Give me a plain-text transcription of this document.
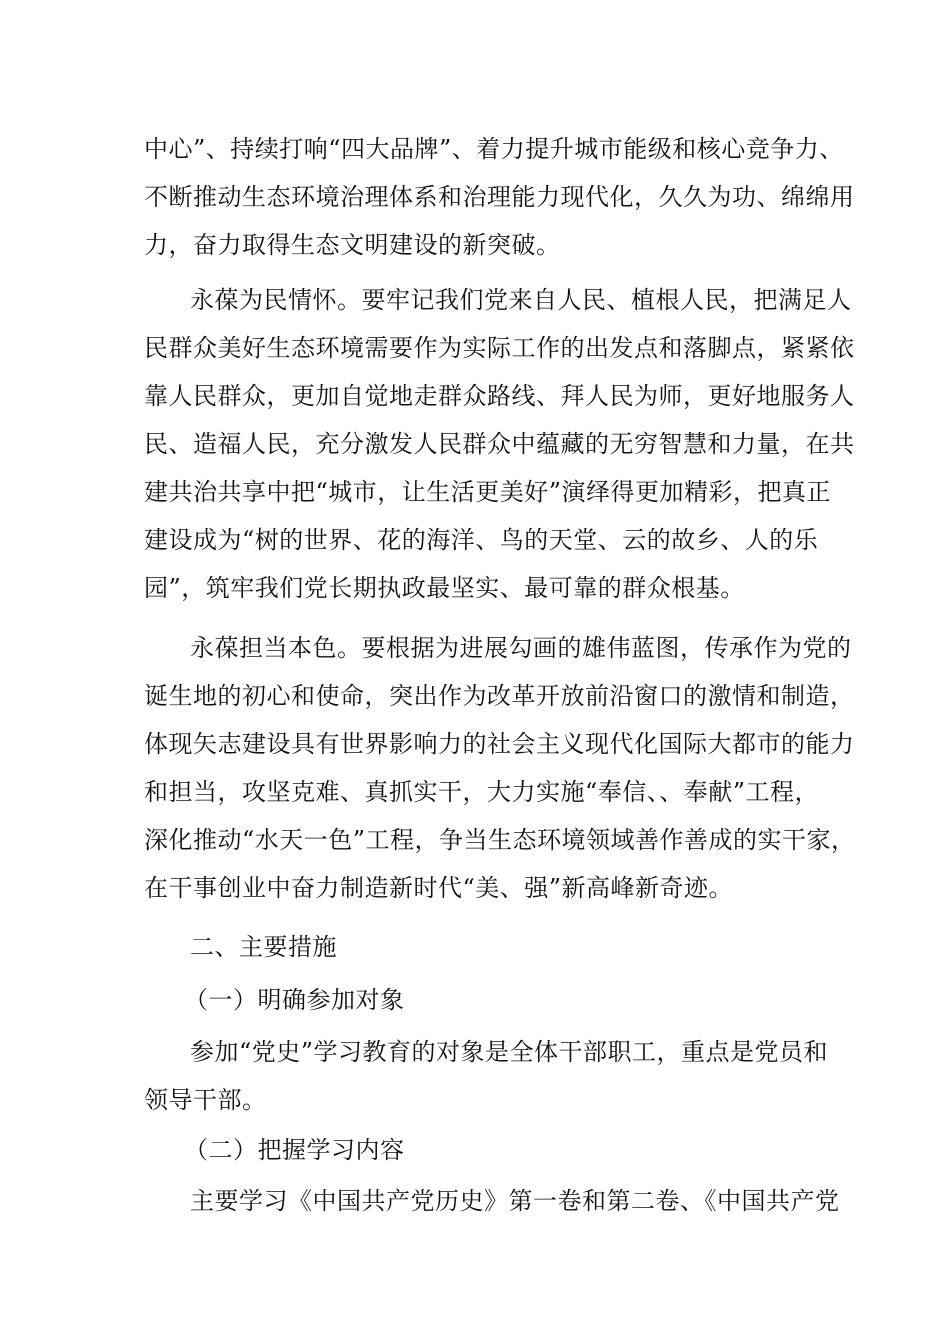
中心”、持续打响“四大品牌”、着力提升城市能级和核心竞争力、
不断推动生态环境治理体系和治理能力现代化，久久为功、绵绵用
力，奋力取得生态文明建设的新突破。
永葆为民情怀。要牢记我们党来自人民、植根人民，把满足人
民群众美好生态环境需要作为实际工作的出发点和落脚点，紧紧依
靠人民群众，更加自觉地走群众路线、拜人民为师，更好地服务人
民、造福人民，充分激发人民群众中蕴藏的无穷智慧和力量，在共
建共治共享中把“城市，让生活更美好”演绎得更加精彩，把真正
建设成为“树的世界、花的海洋、鸟的天堂、云的故乡、人的乐
园”，筑牢我们党长期执政最坚实、最可靠的群众根基。
永葆担当本色。要根据为进展勾画的雄伟蓝图，传承作为党的
诞生地的初心和使命，突出作为改革开放前沿窗口的激情和制造，
体现矢志建设具有世界影响力的社会主义现代化国际大都市的能力
和担当，攻坚克难、真抓实干，大力实施“奉信、、奉献”工程，
深化推动“水天一色”工程，争当生态环境领域善作善成的实干家，
在干事创业中奋力制造新时代“美、强”新高峰新奇迹。
二、主要措施
（一）明确参加对象
参加“党史”学习教育的对象是全体干部职工，重点是党员和
领导干部。
（二）把握学习内容
主要学习《中国共产党历史》第一卷和第二卷、《中国共产党
